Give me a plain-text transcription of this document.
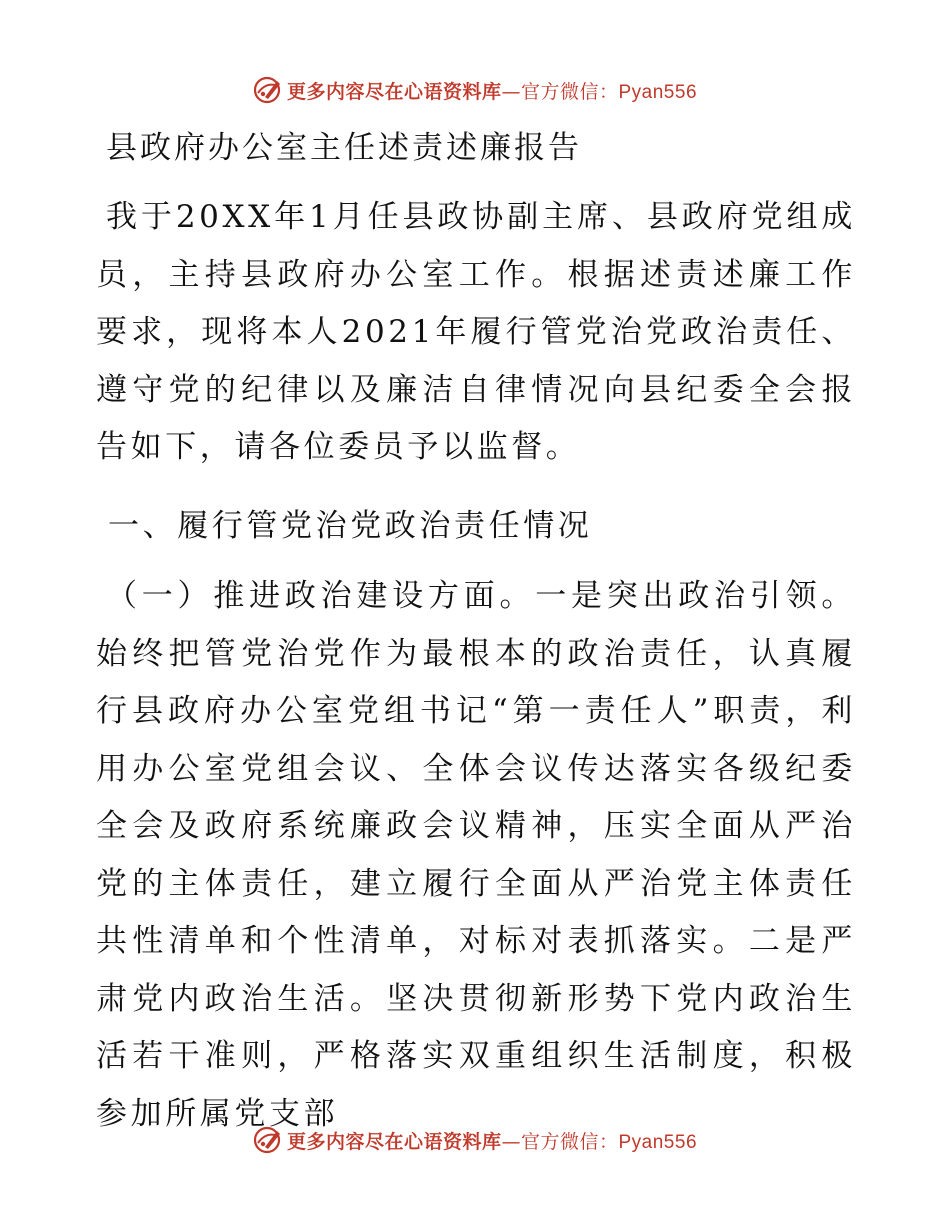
更多内容尽在心语资料库—官方微信：Pyan556
县政府办公室主任述责述廉报告

我于20XX年1月任县政协副主席、县政府党组成员，主持县政府办公室工作。根据述责述廉工作要求，现将本人2021年履行管党治党政治责任、遵守党的纪律以及廉洁自律情况向县纪委全会报告如下，请各位委员予以监督。

一、履行管党治党政治责任情况

（一）推进政治建设方面。一是突出政治引领。始终把管党治党作为最根本的政治责任，认真履行县政府办公室党组书记“第一责任人”职责，利用办公室党组会议、全体会议传达落实各级纪委全会及政府系统廉政会议精神，压实全面从严治党的主体责任，建立履行全面从严治党主体责任共性清单和个性清单，对标对表抓落实。二是严肃党内政治生活。坚决贯彻新形势下党内政治生活若干准则，严格落实双重组织生活制度，积极参加所属党支部

更多内容尽在心语资料库—官方微信：Pyan556
